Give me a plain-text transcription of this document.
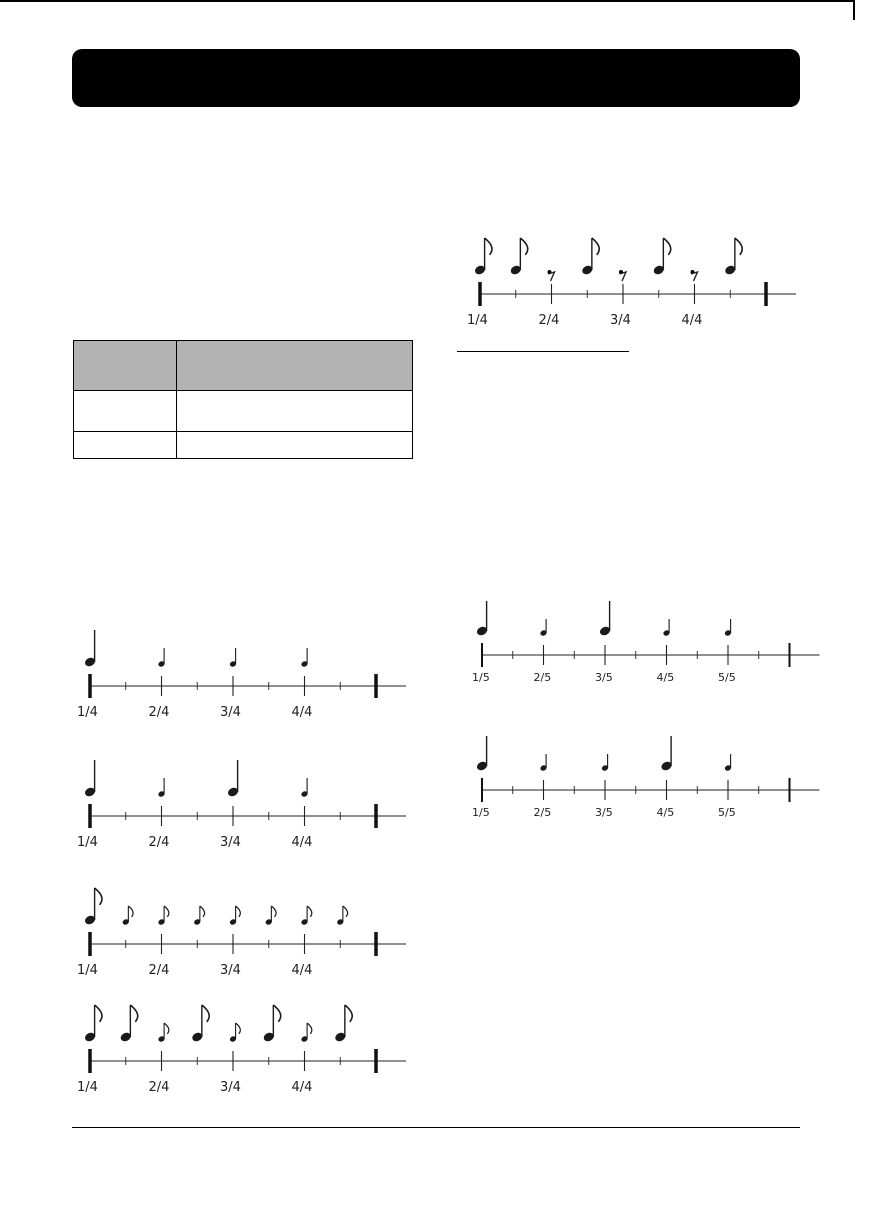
1/4	2/4	3/4	4/4
1/4	2/4	3/4	4/4
1/4	2/4	3/4	4/4
1/4	2/4	3/4	4/4
1/4	2/4	3/4	4/4
1/5	2/5	3/5	4/5	5/5
1/5	2/5	3/5	4/5	5/5
